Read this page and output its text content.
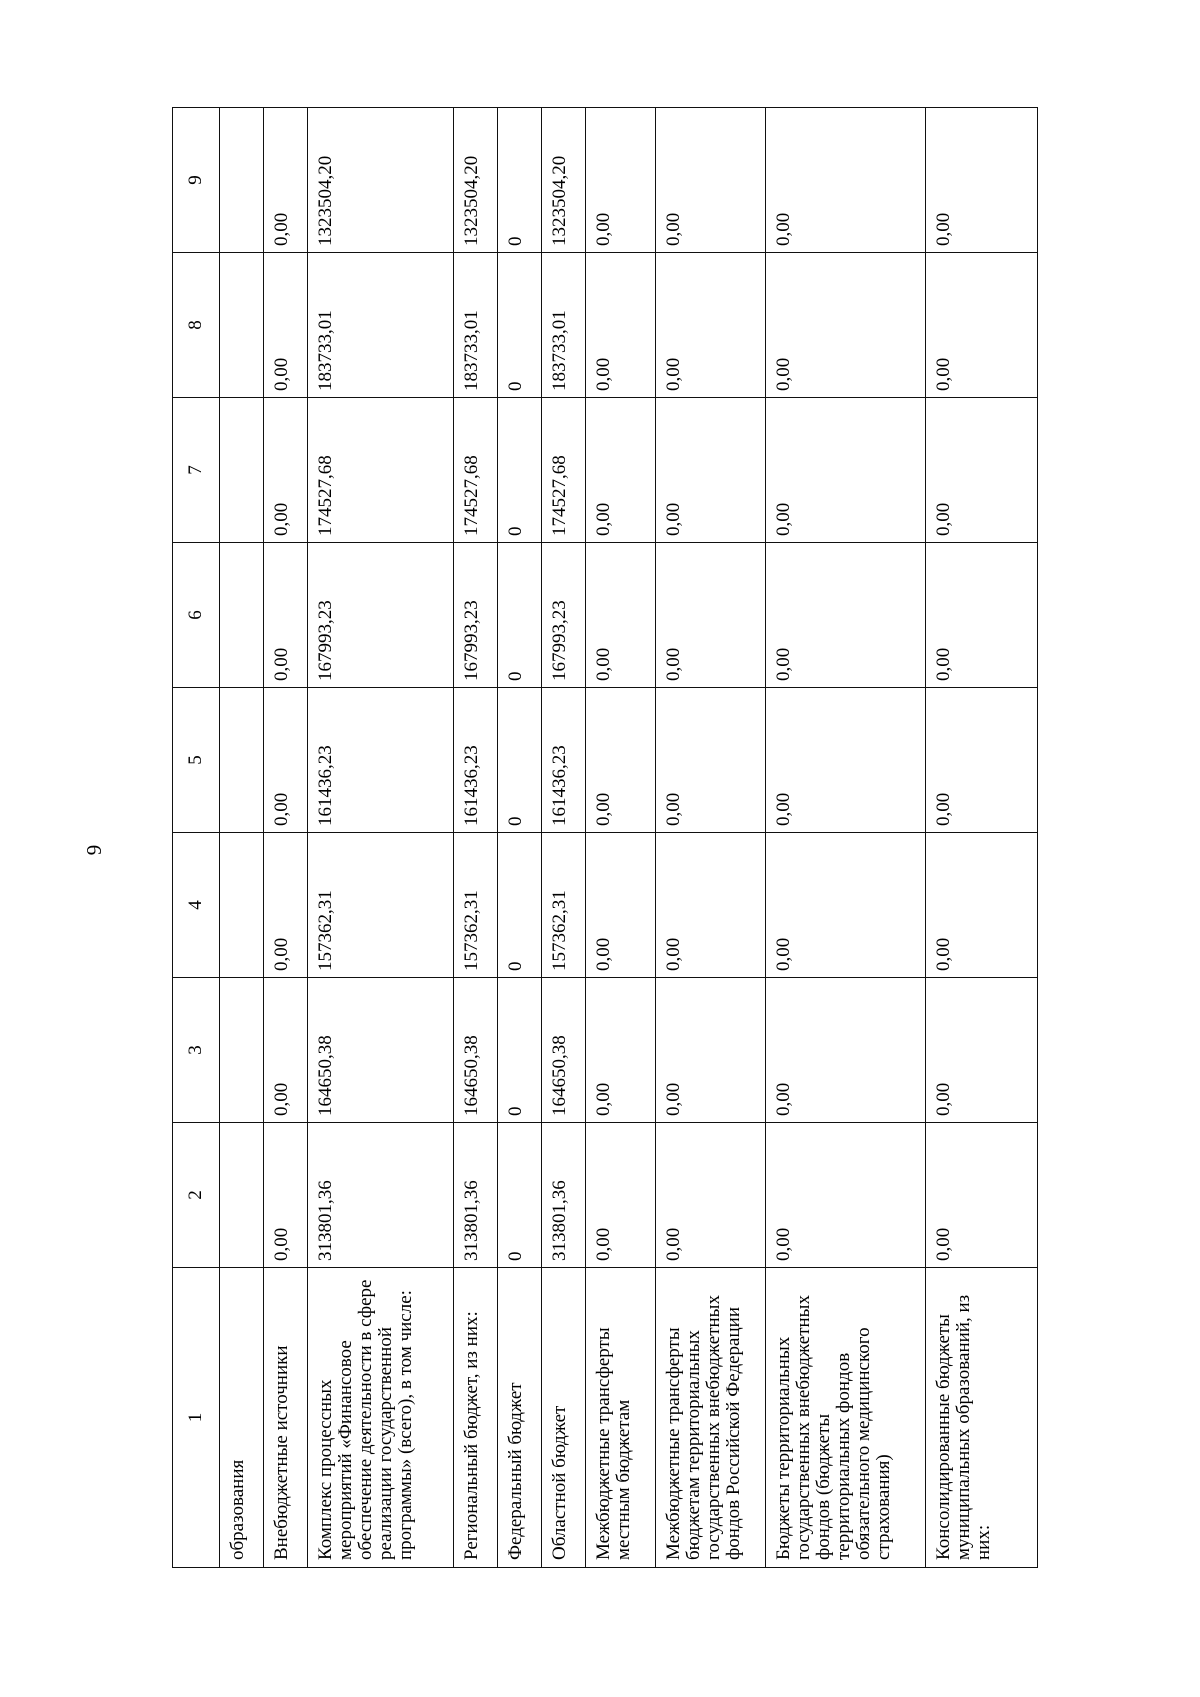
6
1	2	3	4	5	6	7	8	9
образования								
Внебюджетные источники	0,00	0,00	0,00	0,00	0,00	0,00	0,00	0,00
Комплекс процессных мероприятий «Финансовое обеспечение деятельности в сфере реализации государственной программы» (всего), в том числе:	313801,36	164650,38	157362,31	161436,23	167993,23	174527,68	183733,01	1323504,20
Региональный бюджет, из них:	313801,36	164650,38	157362,31	161436,23	167993,23	174527,68	183733,01	1323504,20
Федеральный бюджет	0	0	0	0	0	0	0	0
Областной бюджет	313801,36	164650,38	157362,31	161436,23	167993,23	174527,68	183733,01	1323504,20
Межбюджетные трансферты местным бюджетам	0,00	0,00	0,00	0,00	0,00	0,00	0,00	0,00
Межбюджетные трансферты бюджетам территориальных государственных внебюджетных фондов Российской Федерации	0,00	0,00	0,00	0,00	0,00	0,00	0,00	0,00
Бюджеты территориальных государственных внебюджетных фондов (бюджеты территориальных фондов обязательного медицинского страхования)	0,00	0,00	0,00	0,00	0,00	0,00	0,00	0,00
Консолидированные бюджеты муниципальных образований, из них:	0,00	0,00	0,00	0,00	0,00	0,00	0,00	0,00
